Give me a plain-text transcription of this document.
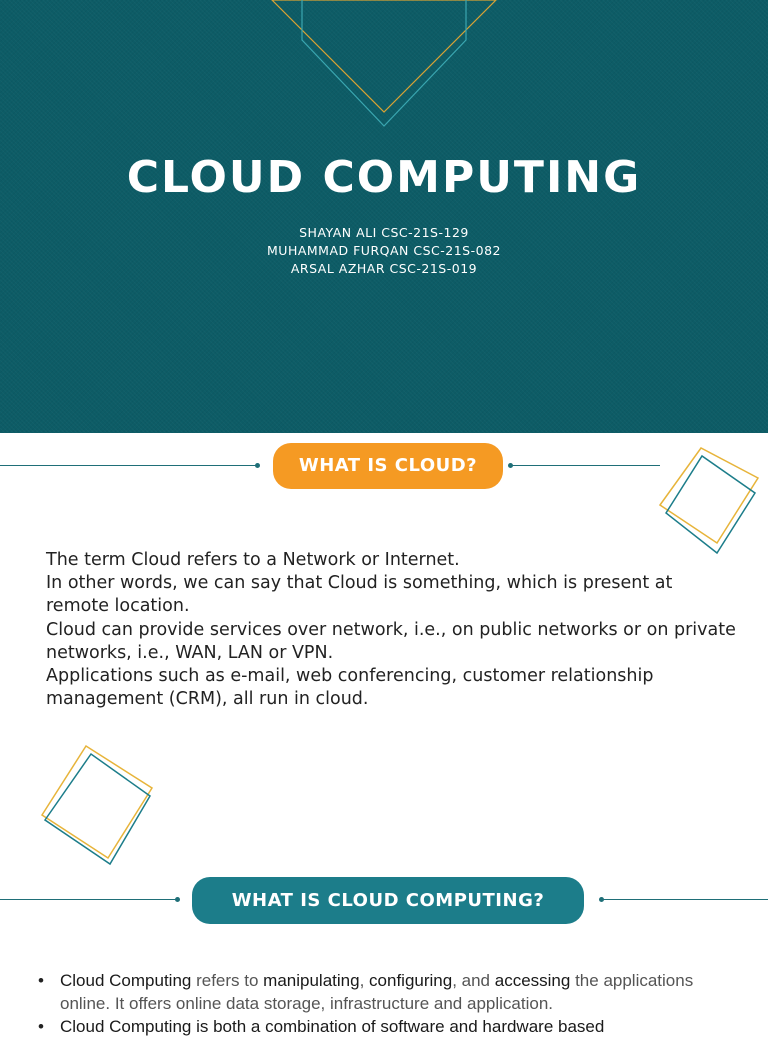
CLOUD COMPUTING
SHAYAN ALI CSC-21S-129
MUHAMMAD FURQAN CSC-21S-082
ARSAL AZHAR CSC-21S-019
WHAT IS CLOUD?

The term Cloud refers to a Network or Internet.

In other words, we can say that Cloud is something, which is present at remote location.

Cloud can provide services over network, i.e., on public networks or on private networks, i.e., WAN, LAN or VPN.

Applications such as e-mail, web conferencing, customer relationship management (CRM), all run in cloud.

WHAT IS CLOUD COMPUTING?
• Cloud Computing refers to manipulating, configuring, and accessing the applications online. It offers online data storage, infrastructure and application.
• Cloud Computing is both a combination of software and hardware based
